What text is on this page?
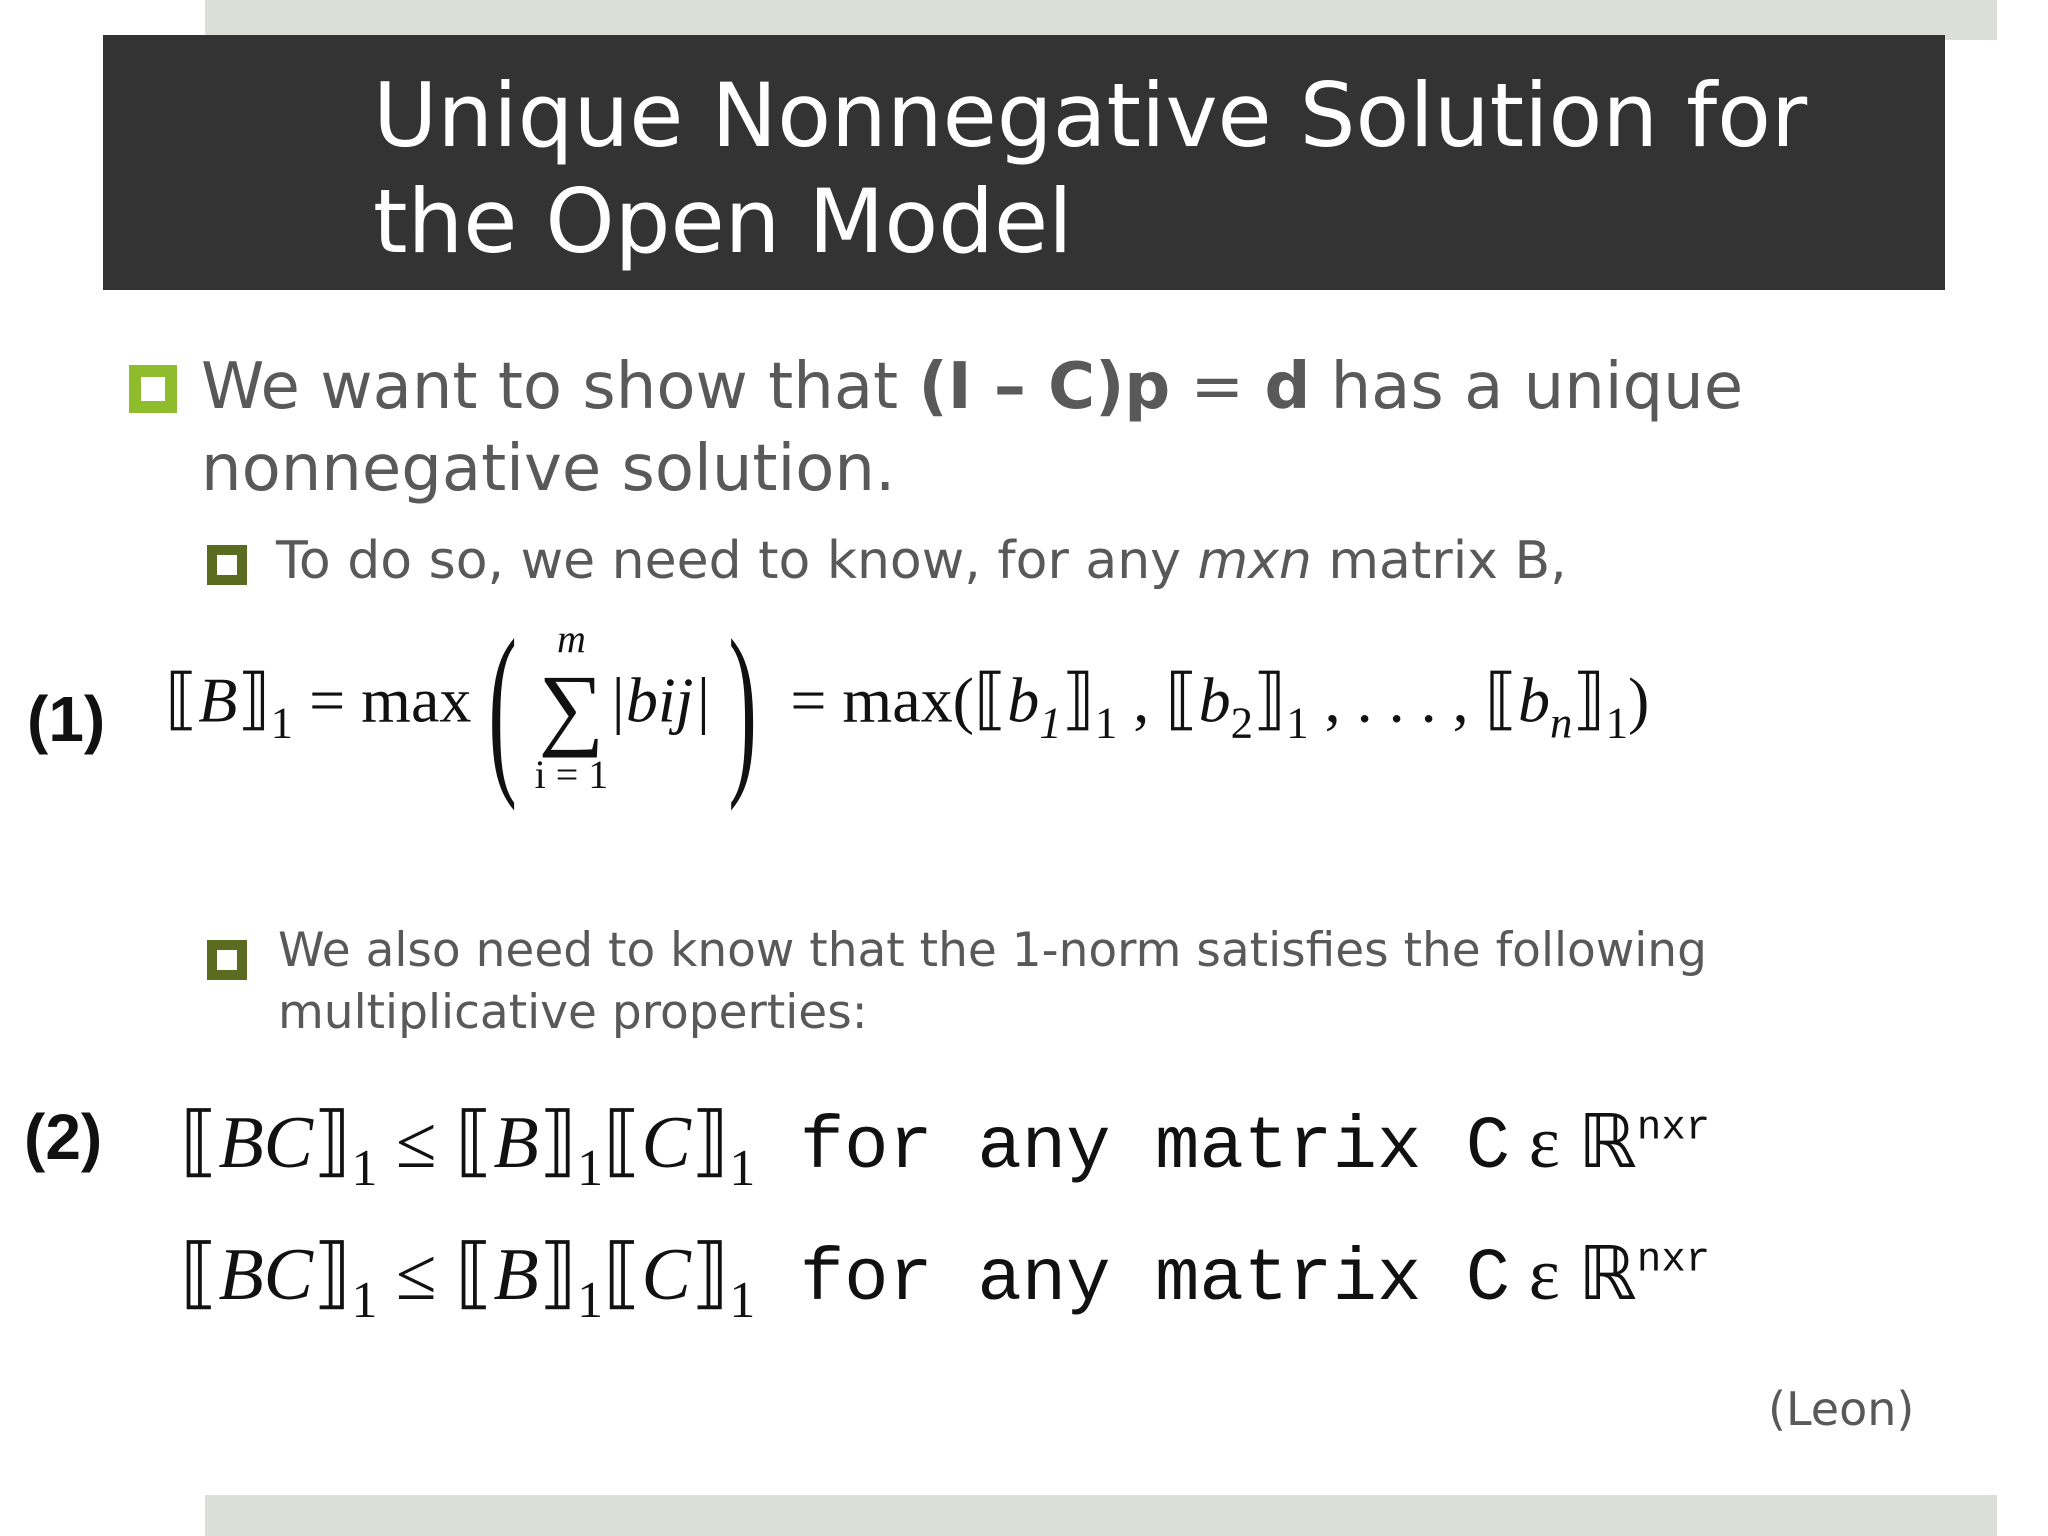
Unique Nonnegative Solution for
the Open Model
We want to show that (I – C)p = d has a unique nonnegative solution.
To do so, we need to know, for any mxn matrix B,
(1) $⟦B⟧_1 = \max$( m
∑
i = 1
$|bij|) = \max(⟦b_1⟧_1$ , $⟦b_2⟧_1$ , . . . , $⟦b_n⟧_1$)
We also need to know that the 1-norm satisfies the following multiplicative properties:
(2) $⟦BC⟧_1$ ≤ $⟦B⟧_1⟦C⟧_1$ for any matrix C ε ℝ$^{nxr}$
$⟦BC⟧_1$ ≤ $⟦B⟧_1⟦C⟧_1$ for any matrix C ε ℝ$^{nxr}$
(Leon)
